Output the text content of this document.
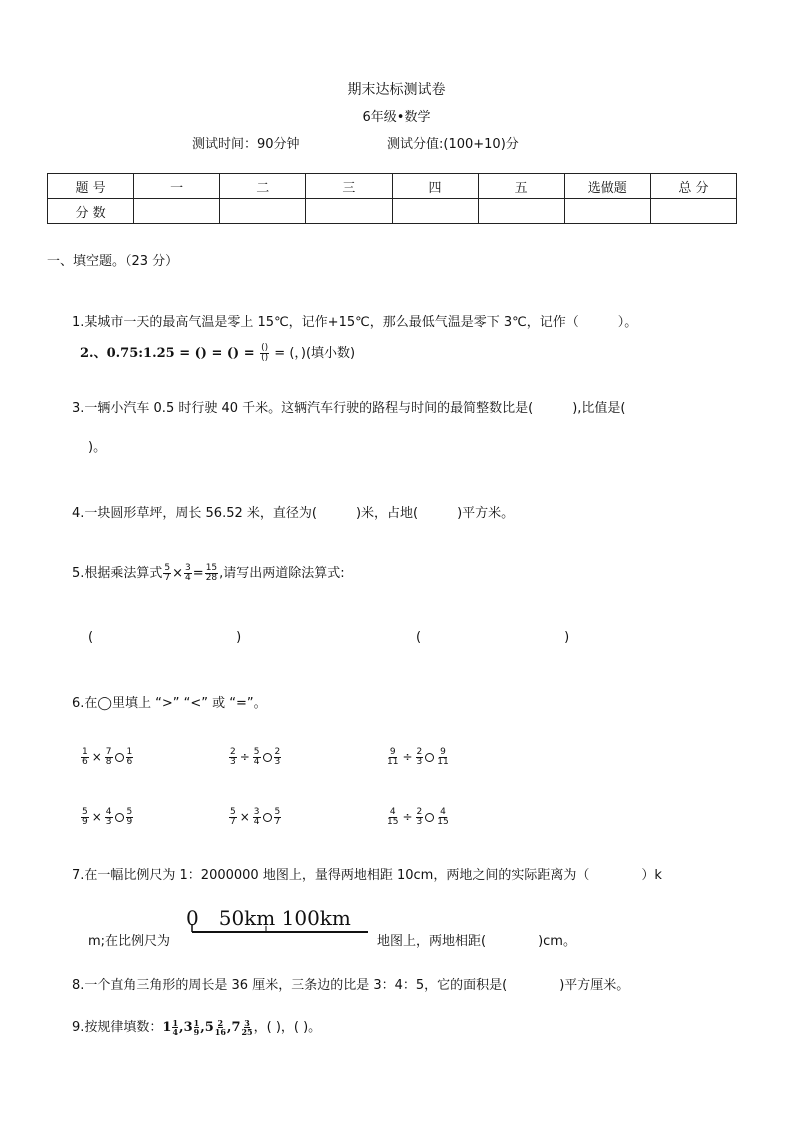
期末达标测试卷
6年级•数学
测试时间：90分钟	测试分值:(100+10)分
题 号	一	二	三	四	五	选做题	总 分
分 数							
一、填空题。（23 分）
1.某城市一天的最高气温是零上 15℃，记作+15℃，那么最低气温是零下 3℃，记作（　　　）。
2.、0.75:1.25 = () = () = $\frac{()}{()}$ = (，)(填小数)
3.一辆小汽车 0.5 时行驶 40 千米。这辆汽车行驶的路程与时间的最简整数比是(　　　),比值是(
)。
4.一块圆形草坪，周长 56.52 米，直径为(　　　)米，占地(　　　)平方米。
5.根据乘法算式 $\frac{5}{7} \times \frac{3}{4} = \frac{15}{28}$ ,请写出两道除法算式:
(　　　　　　　　　　　)	(　　　　　　　　　　　)
6.在◯里填上 “>” “<” 或 “=”。
$\frac{1}{6} \times \frac{7}{8} \frac{1}{6}$	$\frac{2}{3} \div \frac{5}{4} \frac{2}{3}$	$\frac{9}{11} \div \frac{2}{3} \frac{9}{11}$
$\frac{5}{9} \times \frac{4}{3} \frac{5}{9}$	$\frac{5}{7} \times \frac{3}{4} \frac{5}{7}$	$\frac{4}{15} \div \frac{2}{3} \frac{4}{15}$
7.在一幅比例尺为 1：2000000 地图上，量得两地相距 10cm，两地之间的实际距离为（　　　　）k
m;在比例尺为
0　50km 100km
地图上，两地相距(　　　　)cm。
8.一个直角三角形的周长是 36 厘米，三条边的比是 3：4：5，它的面积是(　　　　)平方厘米。
9.按规律填数：$1 \frac{1}{4} ,3 \frac{1}{9} ,5 \frac{2}{16} ,7 \frac{3}{25}$ ，( )，( )。
